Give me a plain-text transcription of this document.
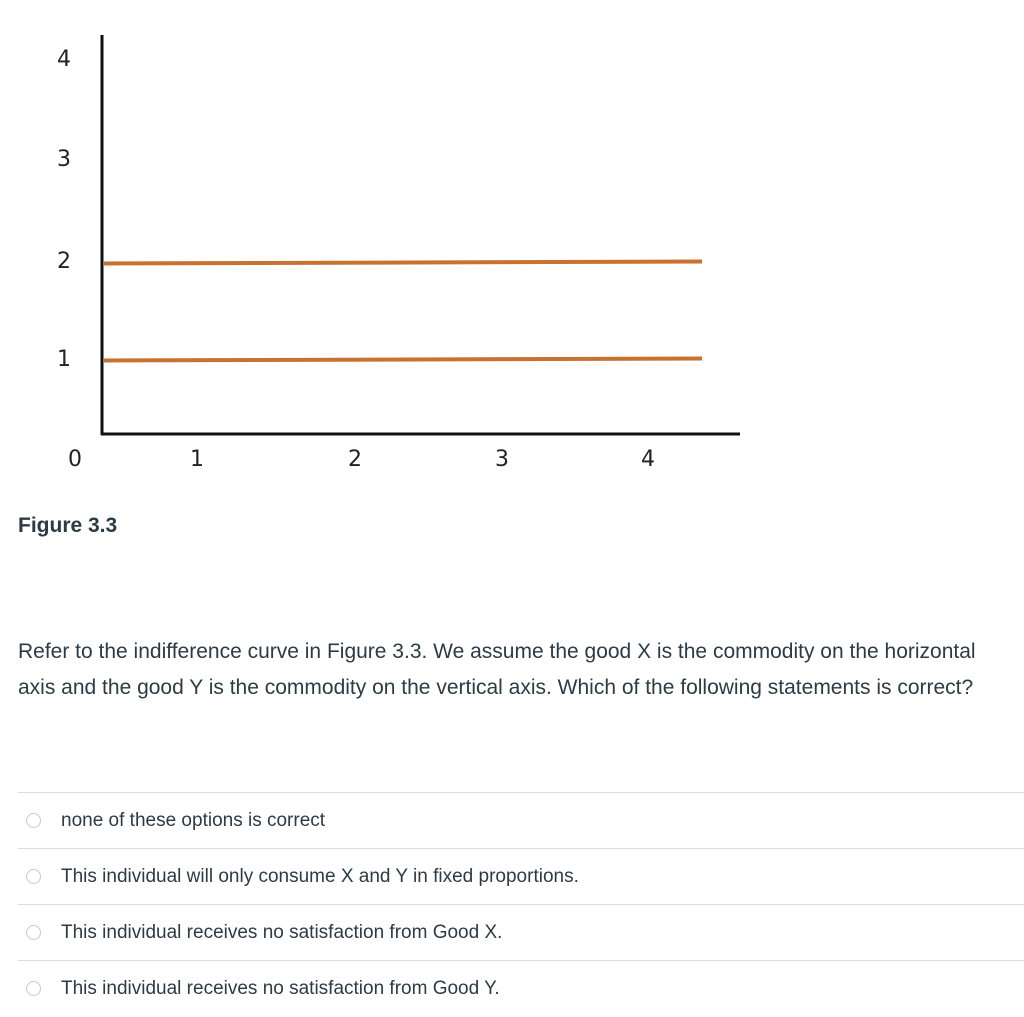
1
2
3
4
0	1	2	3	4
Figure 3.3
Refer to the indifference curve in Figure 3.3. We assume the good X is the commodity on the horizontal axis and the good Y is the commodity on the vertical axis. Which of the following statements is correct?
none of these options is correct
This individual will only consume X and Y in fixed proportions.
This individual receives no satisfaction from Good X.
This individual receives no satisfaction from Good Y.
